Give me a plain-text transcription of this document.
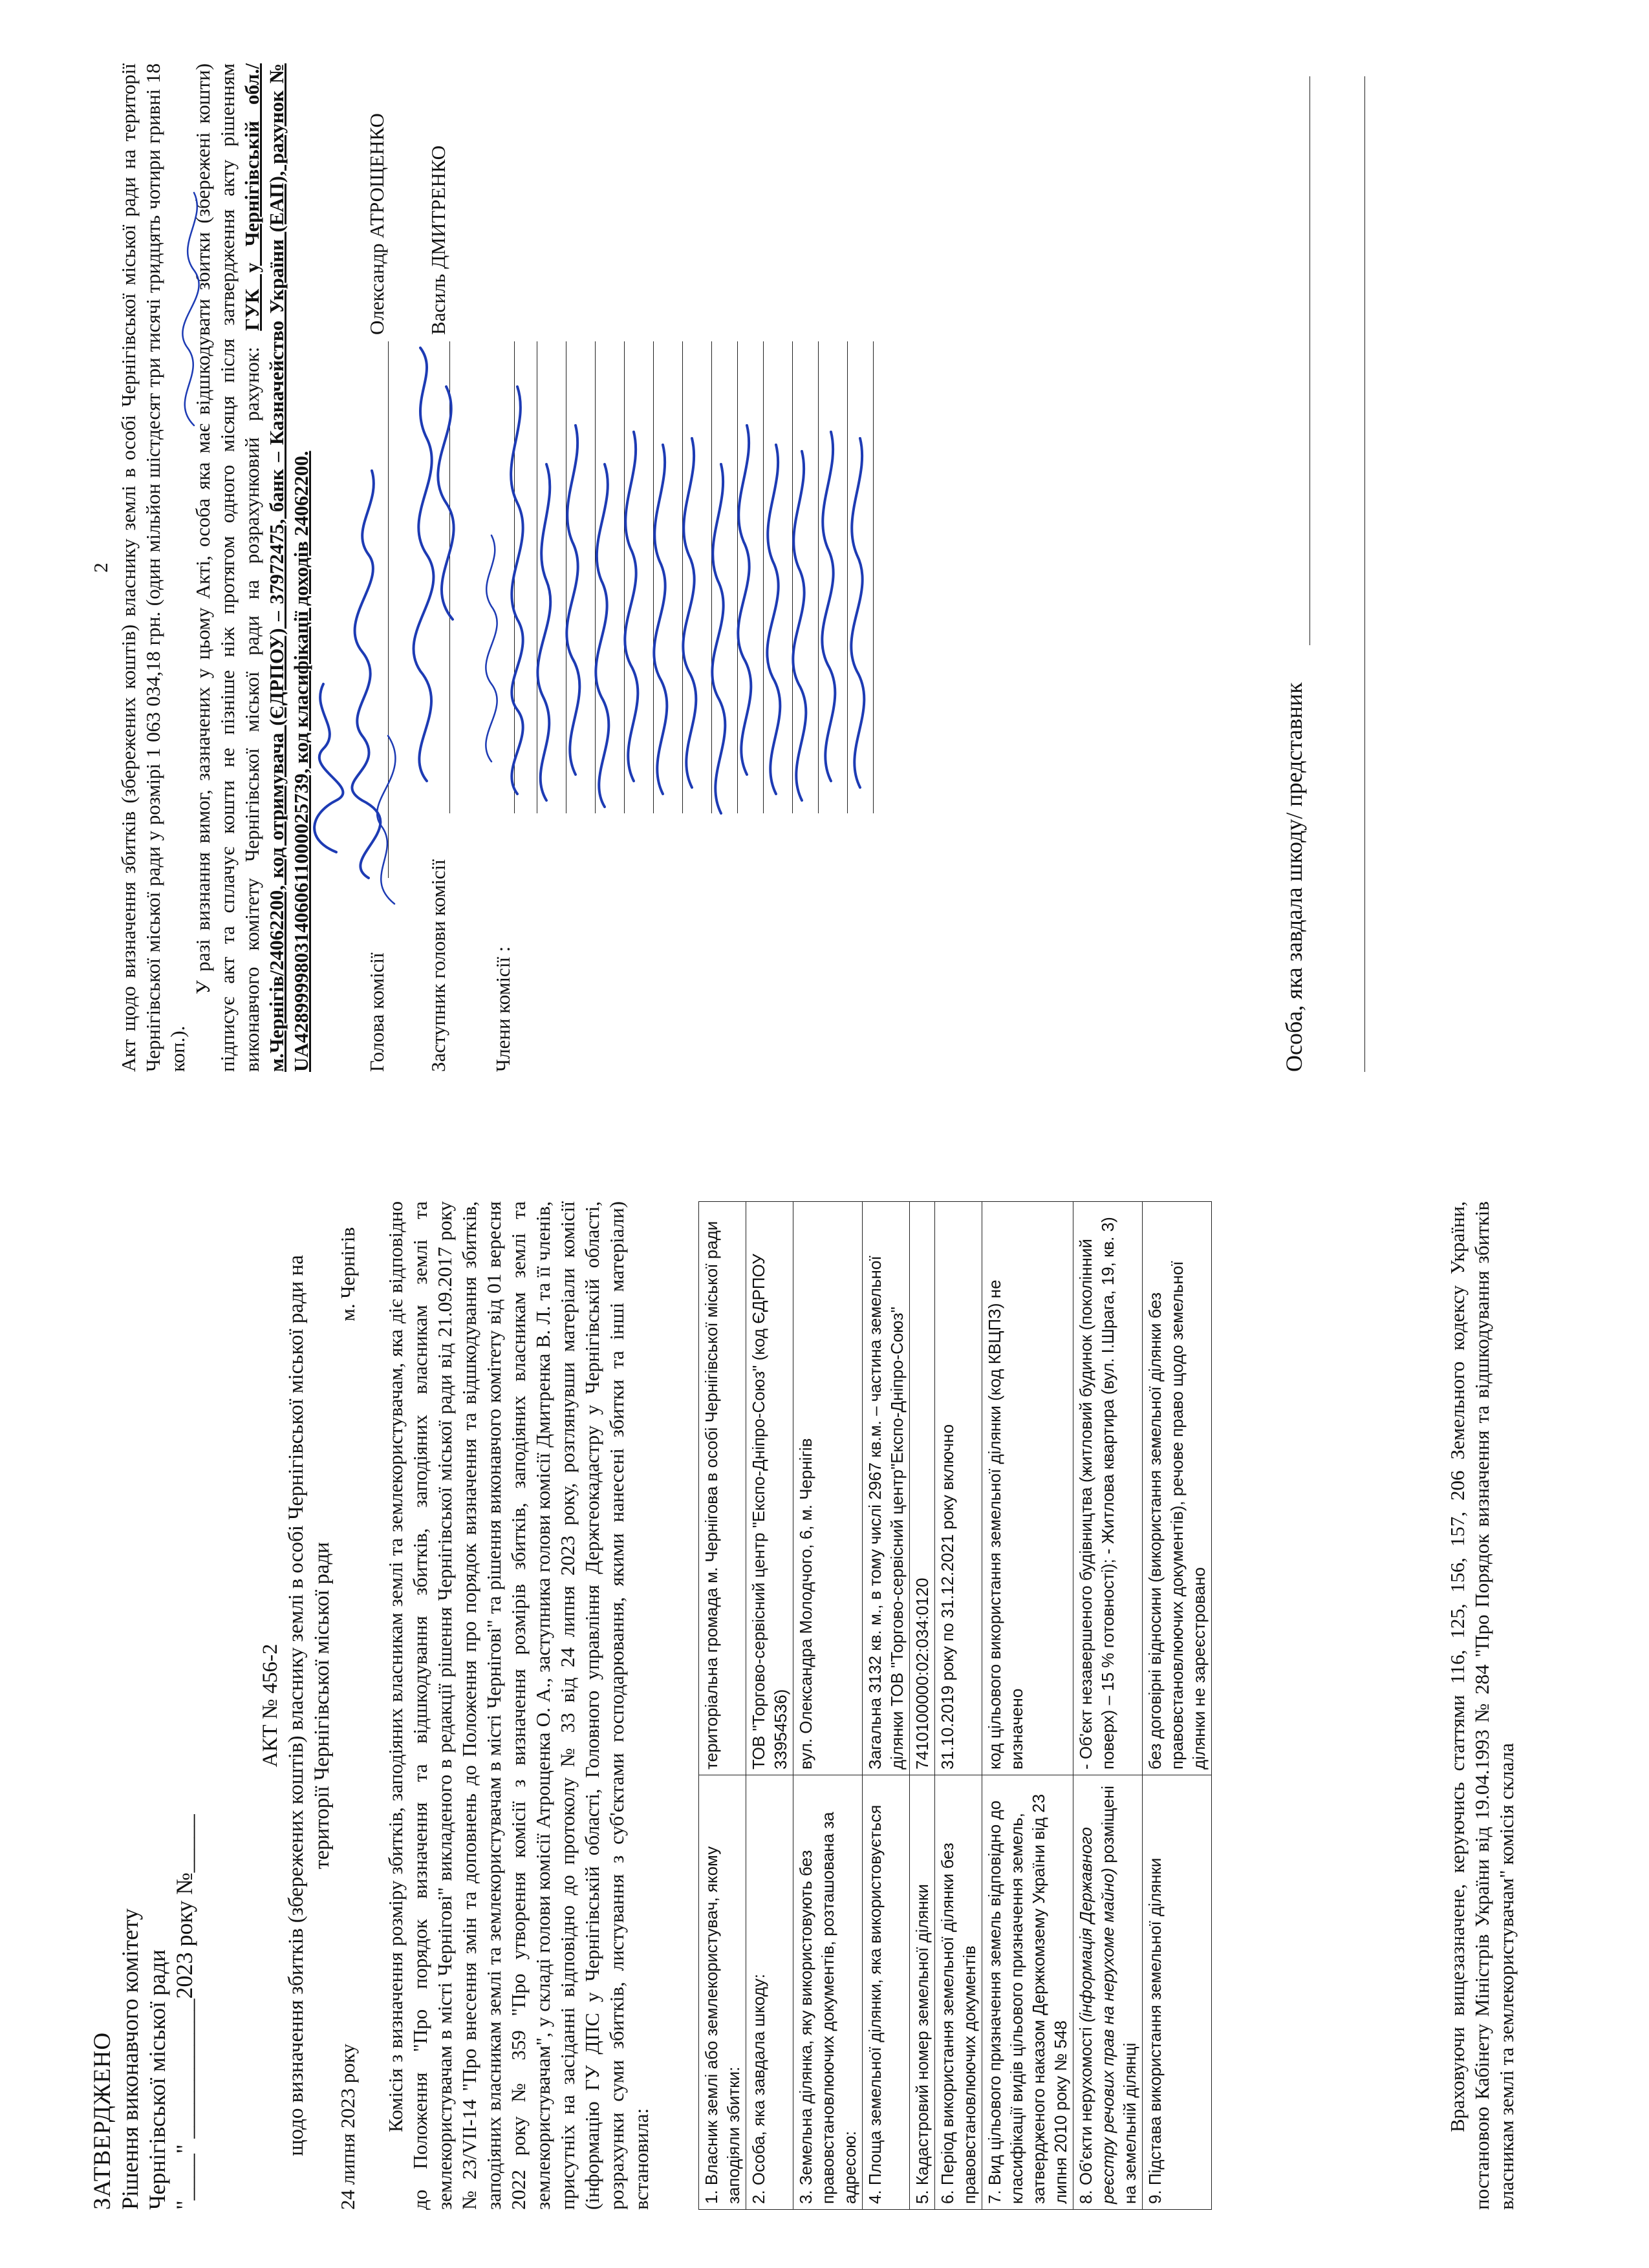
ЗАТВЕРДЖЕНО Рішення виконавчого комітету Чернігівської міської ради "____" ____________2023 року №_____
АКТ № 456-2 щодо визначення збитків (збережених коштів) власнику землі в особі Чернігівської міської ради на території Чернігівської міської ради
24 липня 2023 року
м. Чернігів Комісія з визначення розміру збитків, заподіяних власникам землі та землекористувачам, яка діє відповідно до Положення "Про порядок визначення та відшкодування збитків, заподіяних власникам землі та землекористувачам в місті Чернігові" викладеного в редакції рішення Чернігівської міської ради від 21.09.2017 року № 23/VII-14 "Про внесення змін та доповнень до Положення про порядок визначення та відшкодування збитків, заподіяних власникам землі та землекористувачам в місті Чернігові" та рішення виконавчого комітету від 01 вересня 2022 року № 359 "Про утворення комісії з визначення розмірів збитків, заподіяних власникам землі та землекористувачам", у складі голови комісії Атрощенка О. А., заступника голови комісії Дмитренка В. Л. та її членів, присутніх на засіданні відповідно до протоколу № 33 від 24 липня 2023 року, розглянувши матеріали комісії (інформацію ГУ ДПС у Чернігівській області, Головного управління Держгеокадастру у Чернігівській області, розрахунки суми збитків, листування з суб'єктами господарювання, якими нанесені збитки та інші матеріали) встановила:	1. Власник землі або землекористувач, якому заподіяли збитки:	територіальна громада м. Чернігова в особі Чернігівської міської ради
2. Особа, яка завдала шкоду:	ТОВ "Торгово-сервісний центр "Експо-Дніпро-Союз" (код ЄДРПОУ 33954536)
3. Земельна ділянка, яку використовують без правовстановлюючих документів, розташована за адресою:	вул. Олександра Молодчого, 6, м. Чернігів
4. Площа земельної ділянки, яка використовується	Загальна 3132 кв. м., в тому числі 2967 кв.м. – частина земельної ділянки ТОВ "Торгово-сервісний центр"Експо-Дніпро-Союз"
5. Кадастровий номер земельної ділянки	7410100000:02:034:0120
6. Період використання земельної ділянки без правовстановлюючих документів	31.10.2019 року по 31.12.2021 року включно
7. Вид цільового призначення земель відповідно до класифікації видів цільового призначення земель, затвердженого наказом Держкомзему України від 23 липня 2010 року № 548	код цільового використання земельної ділянки (код КВЦПЗ) не визначено
8. Об'єкти нерухомості (інформація Державного реєстру речових прав на нерухоме майно) розміщені на земельній ділянці	- Об'єкт незавершеного будівництва (житловий будинок (поколінний поверх) – 15 % готовності); - Житлова квартира (вул. І.Шрага, 19, кв. 3)
9. Підстава використання земельної ділянки	без договірні відносини (використання земельної ділянки без правовстановлюючих документів), речове право щодо земельної ділянки не зареєстровано	Враховуючи вищезазначене, керуючись статтями 116, 125, 156, 157, 206 Земельного кодексу України, постановою Кабінету Міністрів України від 19.04.1993 № 284 "Про Порядок визначення та відшкодування збитків власникам землі та землекористувачам" комісія склала

2 Акт щодо визначення збитків (збережених коштів) власнику землі в особі Чернігівської міської ради на території Чернігівської міської ради у розмірі 1 063 034,18 грн. (один мільйон шістдесят три тисячі тридцять чотири гривні 18 коп.).

У разі визнання вимог, зазначених у цьому Акті, особа яка має відшкодувати збитки (збережені кошти) підписує акт та сплачує кошти не пізніше ніж протягом одного місяця після затвердження акту рішенням виконавчого комітету Чернігівської міської ради на розрахунковий рахунок: ГУК у Чернігівській обл./м.Чернігів/24062200, код отримувача (ЄДРПОУ) – 37972475, банк – Казначейство України (ЕАП), рахунок № UA428999980314060611000025739, код класифікації доходів 24062200.	Голова комісії
Олександр АТРОЩЕНКО
Заступник голови комісії
Василь ДМИТРЕНКО
Члени комісії :	Особа, яка завдала шкоду/ представник
